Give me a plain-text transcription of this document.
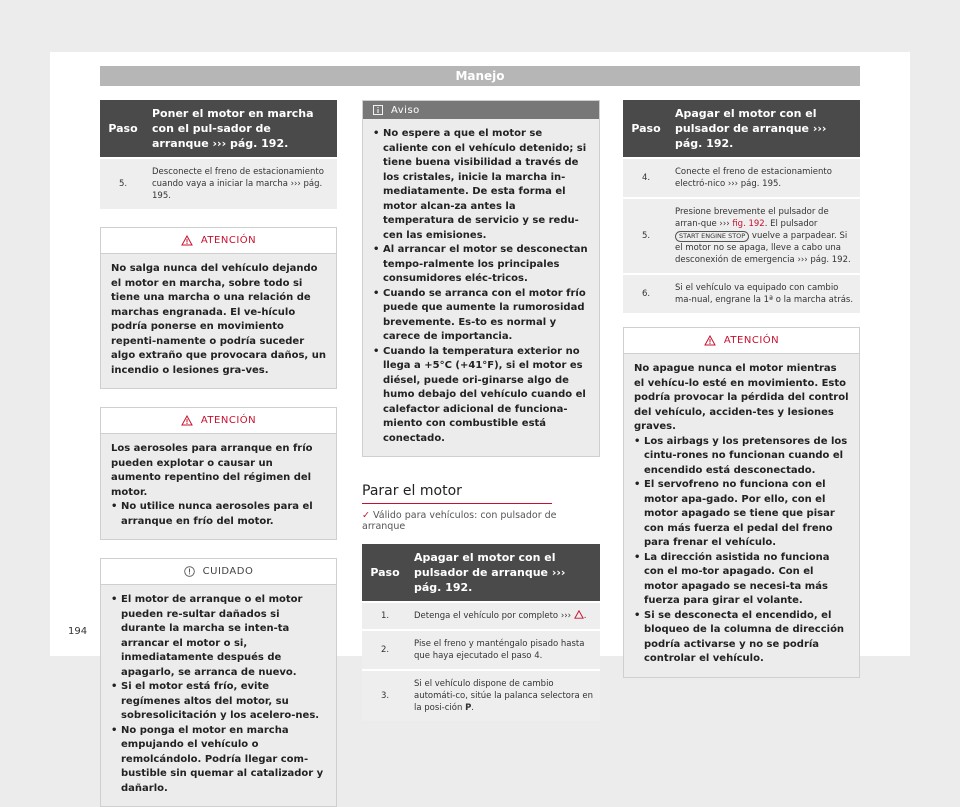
Manejo
Paso
Poner el motor en marcha con el pul-sador de arranque ››› pág. 192.
5.
Desconecte el freno de estacionamiento cuando vaya a iniciar la marcha ››› pág. 195.
ATENCIÓN
No salga nunca del vehículo dejando el motor en marcha, sobre todo si tiene una marcha o una relación de marchas engranada. El ve-hículo podría ponerse en movimiento repenti-namente o podría suceder algo extraño que provocara daños, un incendio o lesiones gra-ves.
ATENCIÓN
Los aerosoles para arranque en frío pueden explotar o causar un aumento repentino del régimen del motor.
• No utilice nunca aerosoles para el arranque en frío del motor.
CUIDADO
• El motor de arranque o el motor pueden re-sultar dañados si durante la marcha se inten-ta arrancar el motor o si, inmediatamente después de apagarlo, se arranca de nuevo.
• Si el motor está frío, evite regímenes altos del motor, su sobresolicitación y los acelero-nes.
• No ponga el motor en marcha empujando el vehículo o remolcándolo. Podría llegar com-bustible sin quemar al catalizador y dañarlo.
Aviso
• No espere a que el motor se caliente con el vehículo detenido; si tiene buena visibilidad a través de los cristales, inicie la marcha in-mediatamente. De esta forma el motor alcan-za antes la temperatura de servicio y se redu-cen las emisiones.
• Al arrancar el motor se desconectan tempo-ralmente los principales consumidores eléc-tricos.
• Cuando se arranca con el motor frío puede que aumente la rumorosidad brevemente. Es-to es normal y carece de importancia.
• Cuando la temperatura exterior no llega a +5°C (+41°F), si el motor es diésel, puede ori-ginarse algo de humo debajo del vehículo cuando el calefactor adicional de funciona-miento con combustible está conectado.
Parar el motor
✓ Válido para vehículos: con pulsador de arranque
Paso
Apagar el motor con el pulsador de arranque ››› pág. 192.
1.	Detenga el vehículo por completo ››› .
2.
Pise el freno y manténgalo pisado hasta que haya ejecutado el paso 4.
3.
Si el vehículo dispone de cambio automáti-co, sitúe la palanca selectora en la posi-ción P.
Paso
Apagar el motor con el pulsador de arranque ››› pág. 192.
4.
Conecte el freno de estacionamiento electró-nico ››› pág. 195.
5.
Presione brevemente el pulsador de arran-que ››› fig. 192. El pulsador START ENGINE STOP vuelve a parpadear. Si el motor no se apaga, lleve a cabo una desconexión de emergencia ››› pág. 192.
6.
Si el vehículo va equipado con cambio ma-nual, engrane la 1ª o la marcha atrás.
ATENCIÓN
No apague nunca el motor mientras el vehícu-lo esté en movimiento. Esto podría provocar la pérdida del control del vehículo, acciden-tes y lesiones graves.
• Los airbags y los pretensores de los cintu-rones no funcionan cuando el encendido está desconectado.
• El servofreno no funciona con el motor apa-gado. Por ello, con el motor apagado se tiene que pisar con más fuerza el pedal del freno para frenar el vehículo.
• La dirección asistida no funciona con el mo-tor apagado. Con el motor apagado se necesi-ta más fuerza para girar el volante.
• Si se desconecta el encendido, el bloqueo de la columna de dirección podría activarse y no se podría controlar el vehículo.
194
